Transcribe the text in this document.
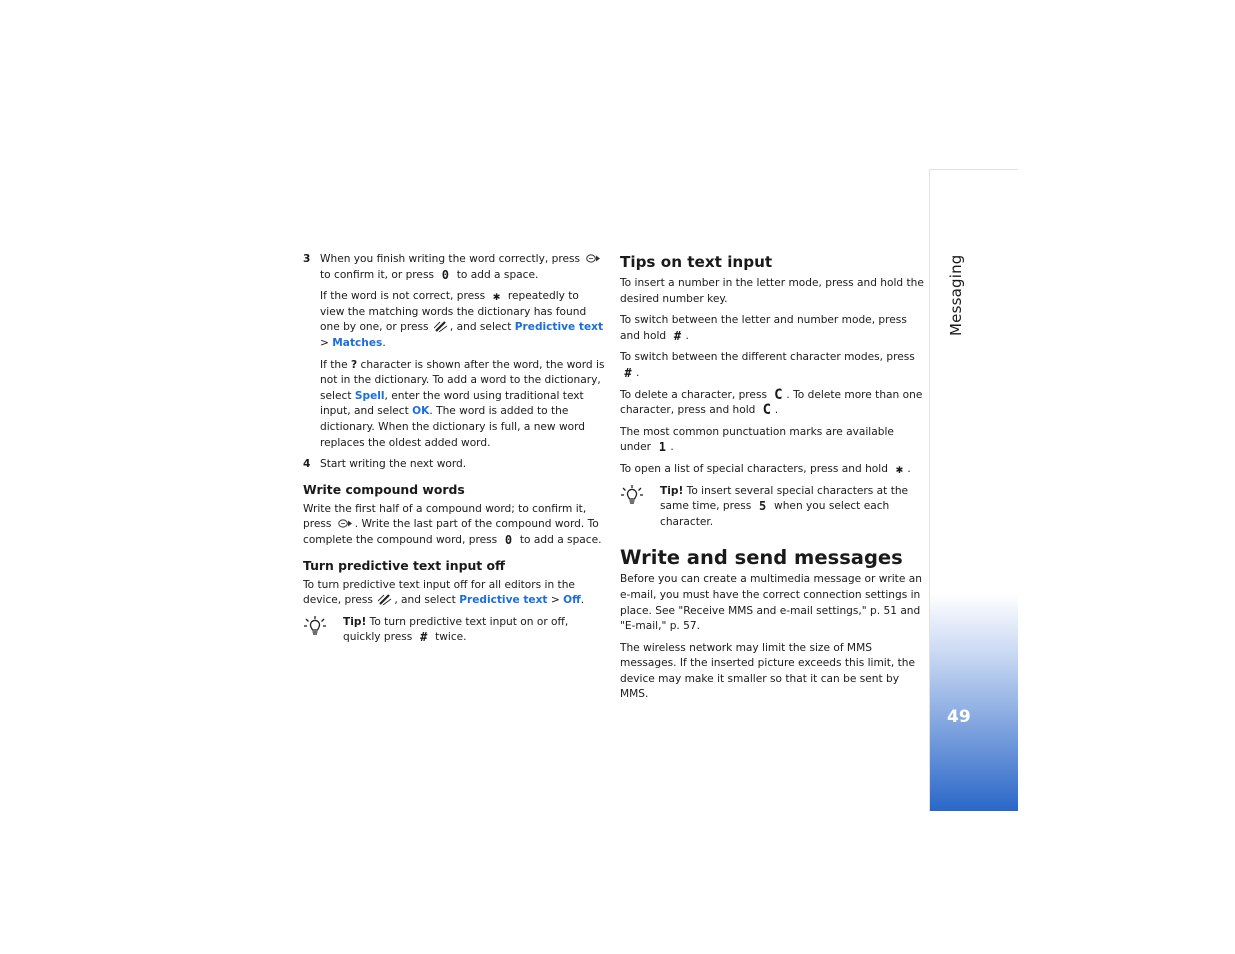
3 When you finish writing the word correctly, press
to confirm it, or press 0 to add a space.

If the word is not correct, press ✱ repeatedly to view the matching words the dictionary has found one by one, or press , and select Predictive text > Matches.

If the ? character is shown after the word, the word is not in the dictionary. To add a word to the dictionary, select Spell, enter the word using traditional text input, and select OK. The word is added to the dictionary. When the dictionary is full, a new word replaces the oldest added word.

4 Start writing the next word.

Write compound words

Write the first half of a compound word; to confirm it, press . Write the last part of the compound word. To complete the compound word, press 0 to add a space.

Turn predictive text input off

To turn predictive text input off for all editors in the device, press , and select Predictive text > Off.

Tip! To turn predictive text input on or off, quickly press # twice.
Tips on text input

To insert a number in the letter mode, press and hold the desired number key.

To switch between the letter and number mode, press and hold # .

To switch between the different character modes, press # .

To delete a character, press C . To delete more than one character, press and hold C .

The most common punctuation marks are available under 1 .

To open a list of special characters, press and hold ✱ .

Tip! To insert several special characters at the same time, press 5 when you select each character.
Write and send messages

Before you can create a multimedia message or write an e-mail, you must have the correct connection settings in place. See "Receive MMS and e-mail settings," p. 51 and "E-mail," p. 57.

The wireless network may limit the size of MMS messages. If the inserted picture exceeds this limit, the device may make it smaller so that it can be sent by MMS.

Messaging
49
